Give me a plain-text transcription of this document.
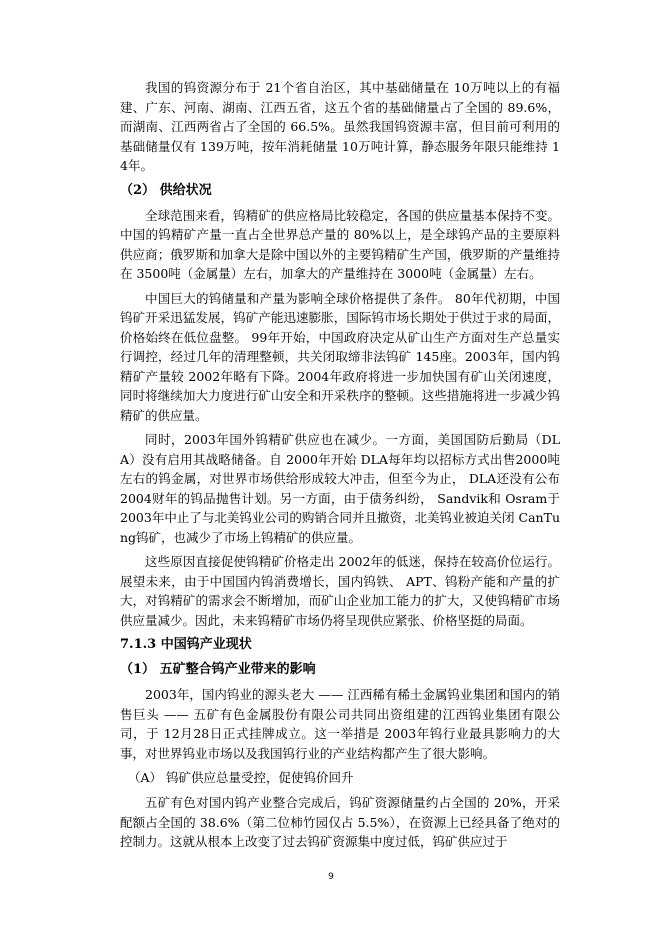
我国的钨资源分布于 21个省自治区，其中基础储量在 10万吨以上的有福建、广东、河南、湖南、江西五省，这五个省的基础储量占了全国的 89.6%，而湖南、江西两省占了全国的 66.5%。虽然我国钨资源丰富，但目前可利用的基础储量仅有 139万吨，按年消耗储量 10万吨计算，静态服务年限只能维持 14年。

（2） 供给状况

全球范围来看，钨精矿的供应格局比较稳定，各国的供应量基本保持不变。中国的钨精矿产量一直占全世界总产量的 80%以上，是全球钨产品的主要原料供应商；俄罗斯和加拿大是除中国以外的主要钨精矿生产国，俄罗斯的产量维持在 3500吨（金属量）左右，加拿大的产量维持在 3000吨（金属量）左右。

中国巨大的钨储量和产量为影响全球价格提供了条件。 80年代初期，中国钨矿开采迅猛发展，钨矿产能迅速膨胀，国际钨市场长期处于供过于求的局面，价格始终在低位盘整。 99年开始，中国政府决定从矿山生产方面对生产总量实行调控，经过几年的清理整顿，共关闭取缔非法钨矿 145座。2003年，国内钨精矿产量较 2002年略有下降。2004年政府将进一步加快国有矿山关闭速度，同时将继续加大力度进行矿山安全和开采秩序的整顿。这些措施将进一步减少钨精矿的供应量。

同时，2003年国外钨精矿供应也在减少。一方面，美国国防后勤局（DLA）没有启用其战略储备。自 2000年开始 DLA每年均以招标方式出售2000吨左右的钨金属，对世界市场供给形成较大冲击，但至今为止， DLA还没有公布 2004财年的钨品抛售计划。另一方面，由于债务纠纷， Sandvik和 Osram于2003年中止了与北美钨业公司的购销合同并且撤资，北美钨业被迫关闭 CanTung钨矿，也减少了市场上钨精矿的供应量。

这些原因直接促使钨精矿价格走出 2002年的低迷，保持在较高价位运行。展望未来，由于中国国内钨消费增长，国内钨铁、 APT、钨粉产能和产量的扩大，对钨精矿的需求会不断增加，而矿山企业加工能力的扩大，又使钨精矿市场供应量减少。因此，未来钨精矿市场仍将呈现供应紧张、价格坚挺的局面。

7.1.3 中国钨产业现状
（1） 五矿整合钨产业带来的影响

2003年，国内钨业的源头老大 —— 江西稀有稀土金属钨业集团和国内的销售巨头 —— 五矿有色金属股份有限公司共同出资组建的江西钨业集团有限公司，于 12月28日正式挂牌成立。这一举措是 2003年钨行业最具影响力的大事，对世界钨业市场以及我国钨行业的产业结构都产生了很大影响。

（A） 钨矿供应总量受控，促使钨价回升

五矿有色对国内钨产业整合完成后，钨矿资源储量约占全国的 20%，开采配额占全国的 38.6%（第二位柿竹园仅占 5.5%），在资源上已经具备了绝对的控制力。这就从根本上改变了过去钨矿资源集中度过低，钨矿供应过于

9
